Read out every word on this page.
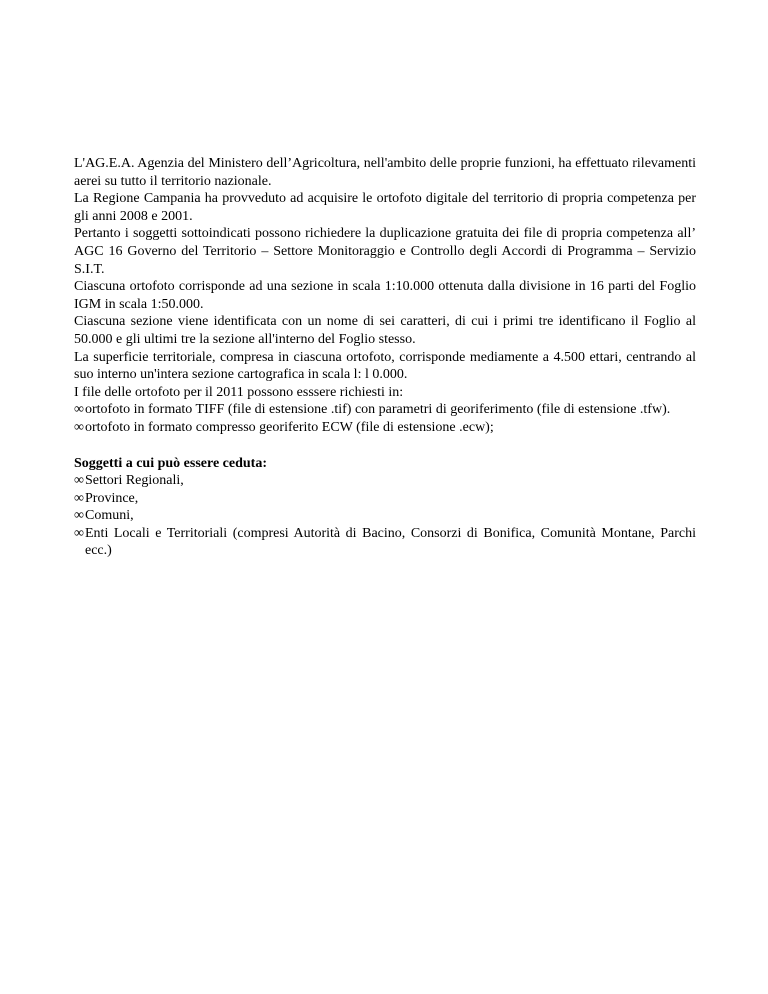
L'AG.E.A. Agenzia del Ministero dell’Agricoltura, nell'ambito delle proprie funzioni, ha effettuato rilevamenti aerei su tutto il territorio nazionale.

La Regione Campania ha provveduto ad acquisire le ortofoto digitale del territorio di propria competenza per gli anni 2008 e 2001.

Pertanto i soggetti sottoindicati possono richiedere la duplicazione gratuita dei file di propria competenza all’ AGC 16 Governo del Territorio – Settore Monitoraggio e Controllo degli Accordi di Programma – Servizio S.I.T.

Ciascuna ortofoto corrisponde ad una sezione in scala 1:10.000 ottenuta dalla divisione in 16 parti del Foglio IGM in scala 1:50.000.

Ciascuna sezione viene identificata con un nome di sei caratteri, di cui i primi tre identificano il Foglio al 50.000 e gli ultimi tre la sezione all'interno del Foglio stesso.

La superficie territoriale, compresa in ciascuna ortofoto, corrisponde mediamente a 4.500 ettari, centrando al suo interno un'intera sezione cartografica in scala l: l 0.000.

I file delle ortofoto per il 2011 possono esssere richiesti in:

∞ortofoto in formato TIFF (file di estensione .tif) con parametri di georiferimento (file di estensione .tfw).

∞ortofoto in formato compresso georiferito ECW (file di estensione .ecw);

Soggetti a cui può essere ceduta:

∞Settori Regionali,

∞Province,

∞Comuni,

∞Enti Locali e Territoriali (compresi Autorità di Bacino, Consorzi di Bonifica, Comunità Montane, Parchi ecc.)
